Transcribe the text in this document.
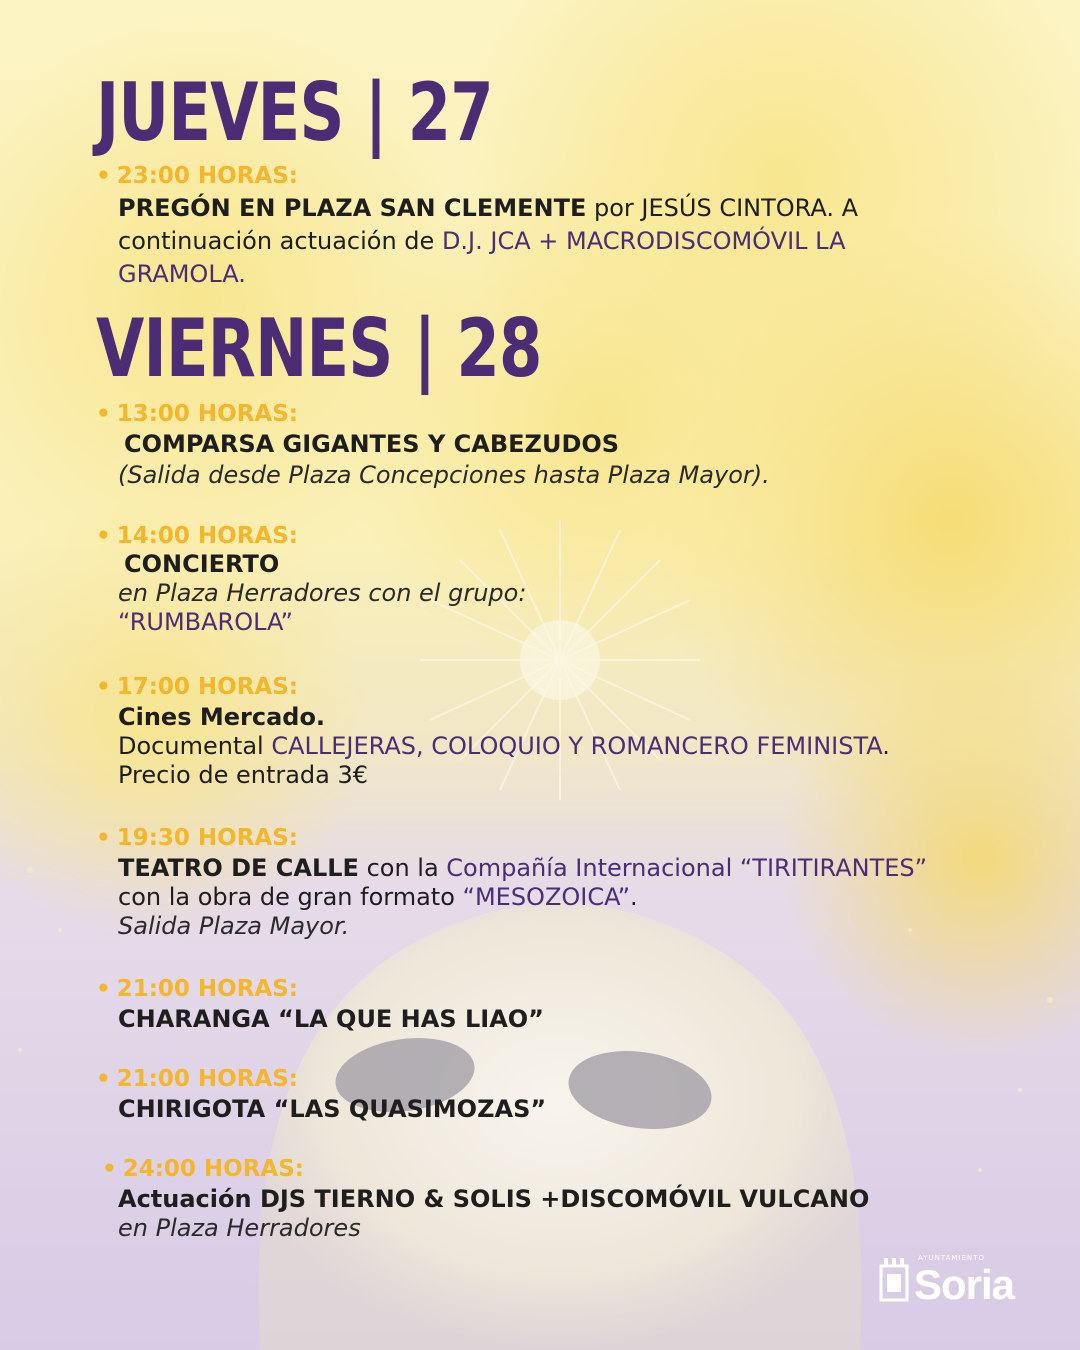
JUEVES | 27
• 23:00 HORAS:
PREGÓN EN PLAZA SAN CLEMENTE por JESÚS CINTORA. A
continuación actuación de D.J. JCA + MACRODISCOMÓVIL LA
GRAMOLA.
VIERNES | 28
• 13:00 HORAS:
COMPARSA GIGANTES Y CABEZUDOS
(Salida desde Plaza Concepciones hasta Plaza Mayor).
• 14:00 HORAS:
CONCIERTO
en Plaza Herradores con el grupo:
“RUMBAROLA”
• 17:00 HORAS:
Cines Mercado.
Documental CALLEJERAS, COLOQUIO Y ROMANCERO FEMINISTA.
Precio de entrada 3€
• 19:30 HORAS:
TEATRO DE CALLE con la Compañía Internacional “TIRITIRANTES”
con la obra de gran formato “MESOZOICA”.
Salida Plaza Mayor.
• 21:00 HORAS:
CHARANGA “LA QUE HAS LIAO”
• 21:00 HORAS:
CHIRIGOTA “LAS QUASIMOZAS”
• 24:00 HORAS:
Actuación DJS TIERNO & SOLIS +DISCOMÓVIL VULCANO
en Plaza Herradores
AYUNTAMIENTO
Soria
